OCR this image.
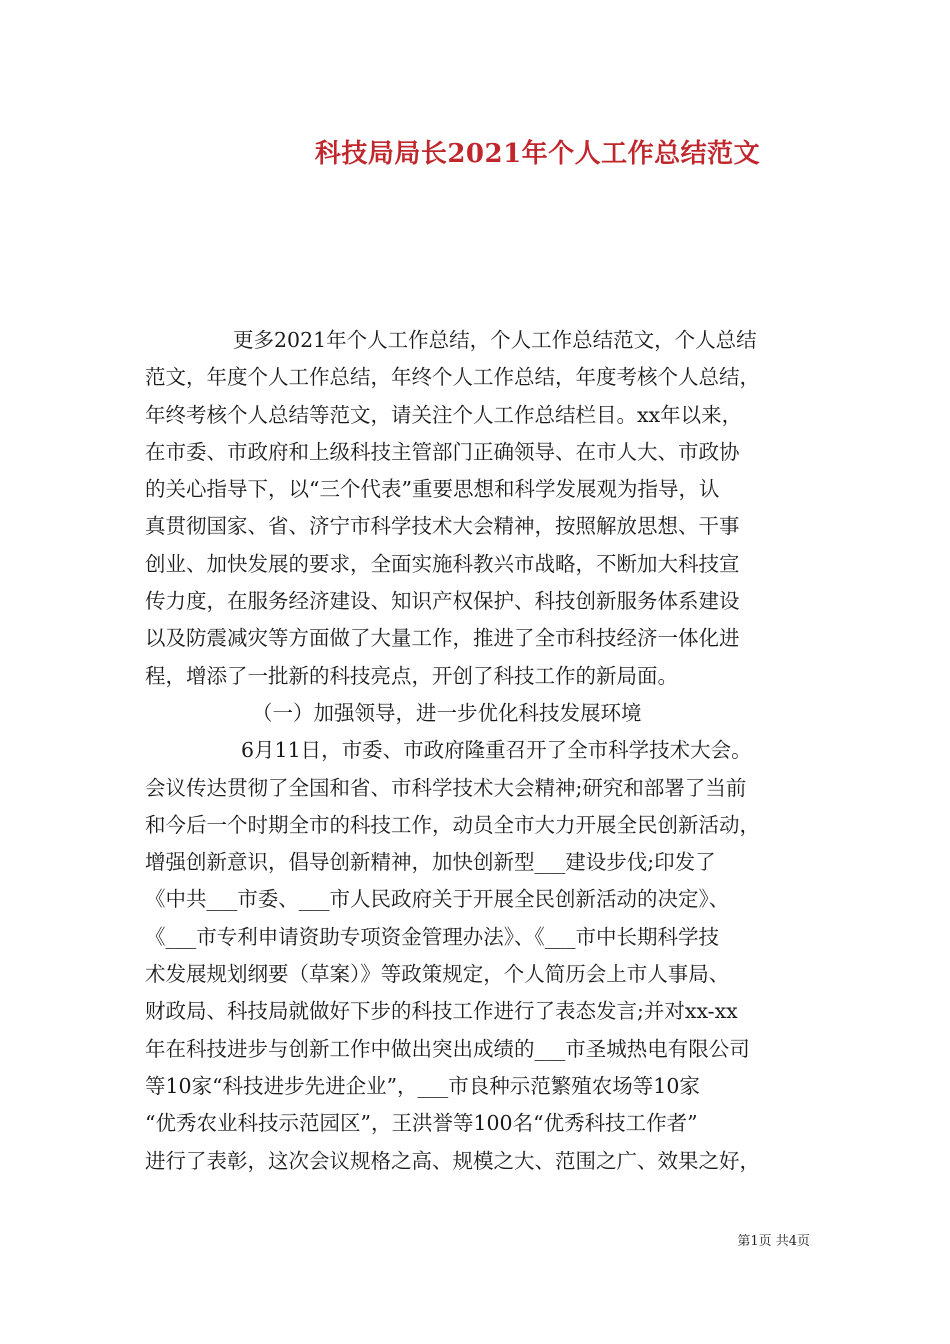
科技局局长2021年个人工作总结范文
更多2021年个人工作总结，个人工作总结范文，个人总结
范文，年度个人工作总结，年终个人工作总结，年度考核个人总结，
年终考核个人总结等范文，请关注个人工作总结栏目。xx年以来，
在市委、市政府和上级科技主管部门正确领导、在市人大、市政协
的关心指导下，以“三个代表”重要思想和科学发展观为指导，认
真贯彻国家、省、济宁市科学技术大会精神，按照解放思想、干事
创业、加快发展的要求，全面实施科教兴市战略，不断加大科技宣
传力度，在服务经济建设、知识产权保护、科技创新服务体系建设
以及防震减灾等方面做了大量工作，推进了全市科技经济一体化进
程，增添了一批新的科技亮点，开创了科技工作的新局面。
（一）加强领导，进一步优化科技发展环境
6月11日，市委、市政府隆重召开了全市科学技术大会。
会议传达贯彻了全国和省、市科学技术大会精神;研究和部署了当前
和今后一个时期全市的科技工作，动员全市大力开展全民创新活动，
增强创新意识，倡导创新精神，加快创新型___建设步伐;印发了
《中共___市委、___市人民政府关于开展全民创新活动的决定》、
《___市专利申请资助专项资金管理办法》、《___市中长期科学技
术发展规划纲要（草案）》等政策规定，个人简历会上市人事局、
财政局、科技局就做好下步的科技工作进行了表态发言;并对xx-xx
年在科技进步与创新工作中做出突出成绩的___市圣城热电有限公司
等10家“科技进步先进企业”，___市良种示范繁殖农场等10家
“优秀农业科技示范园区”，王洪誉等100名“优秀科技工作者”
进行了表彰，这次会议规格之高、规模之大、范围之广、效果之好，
第1页 共4页
